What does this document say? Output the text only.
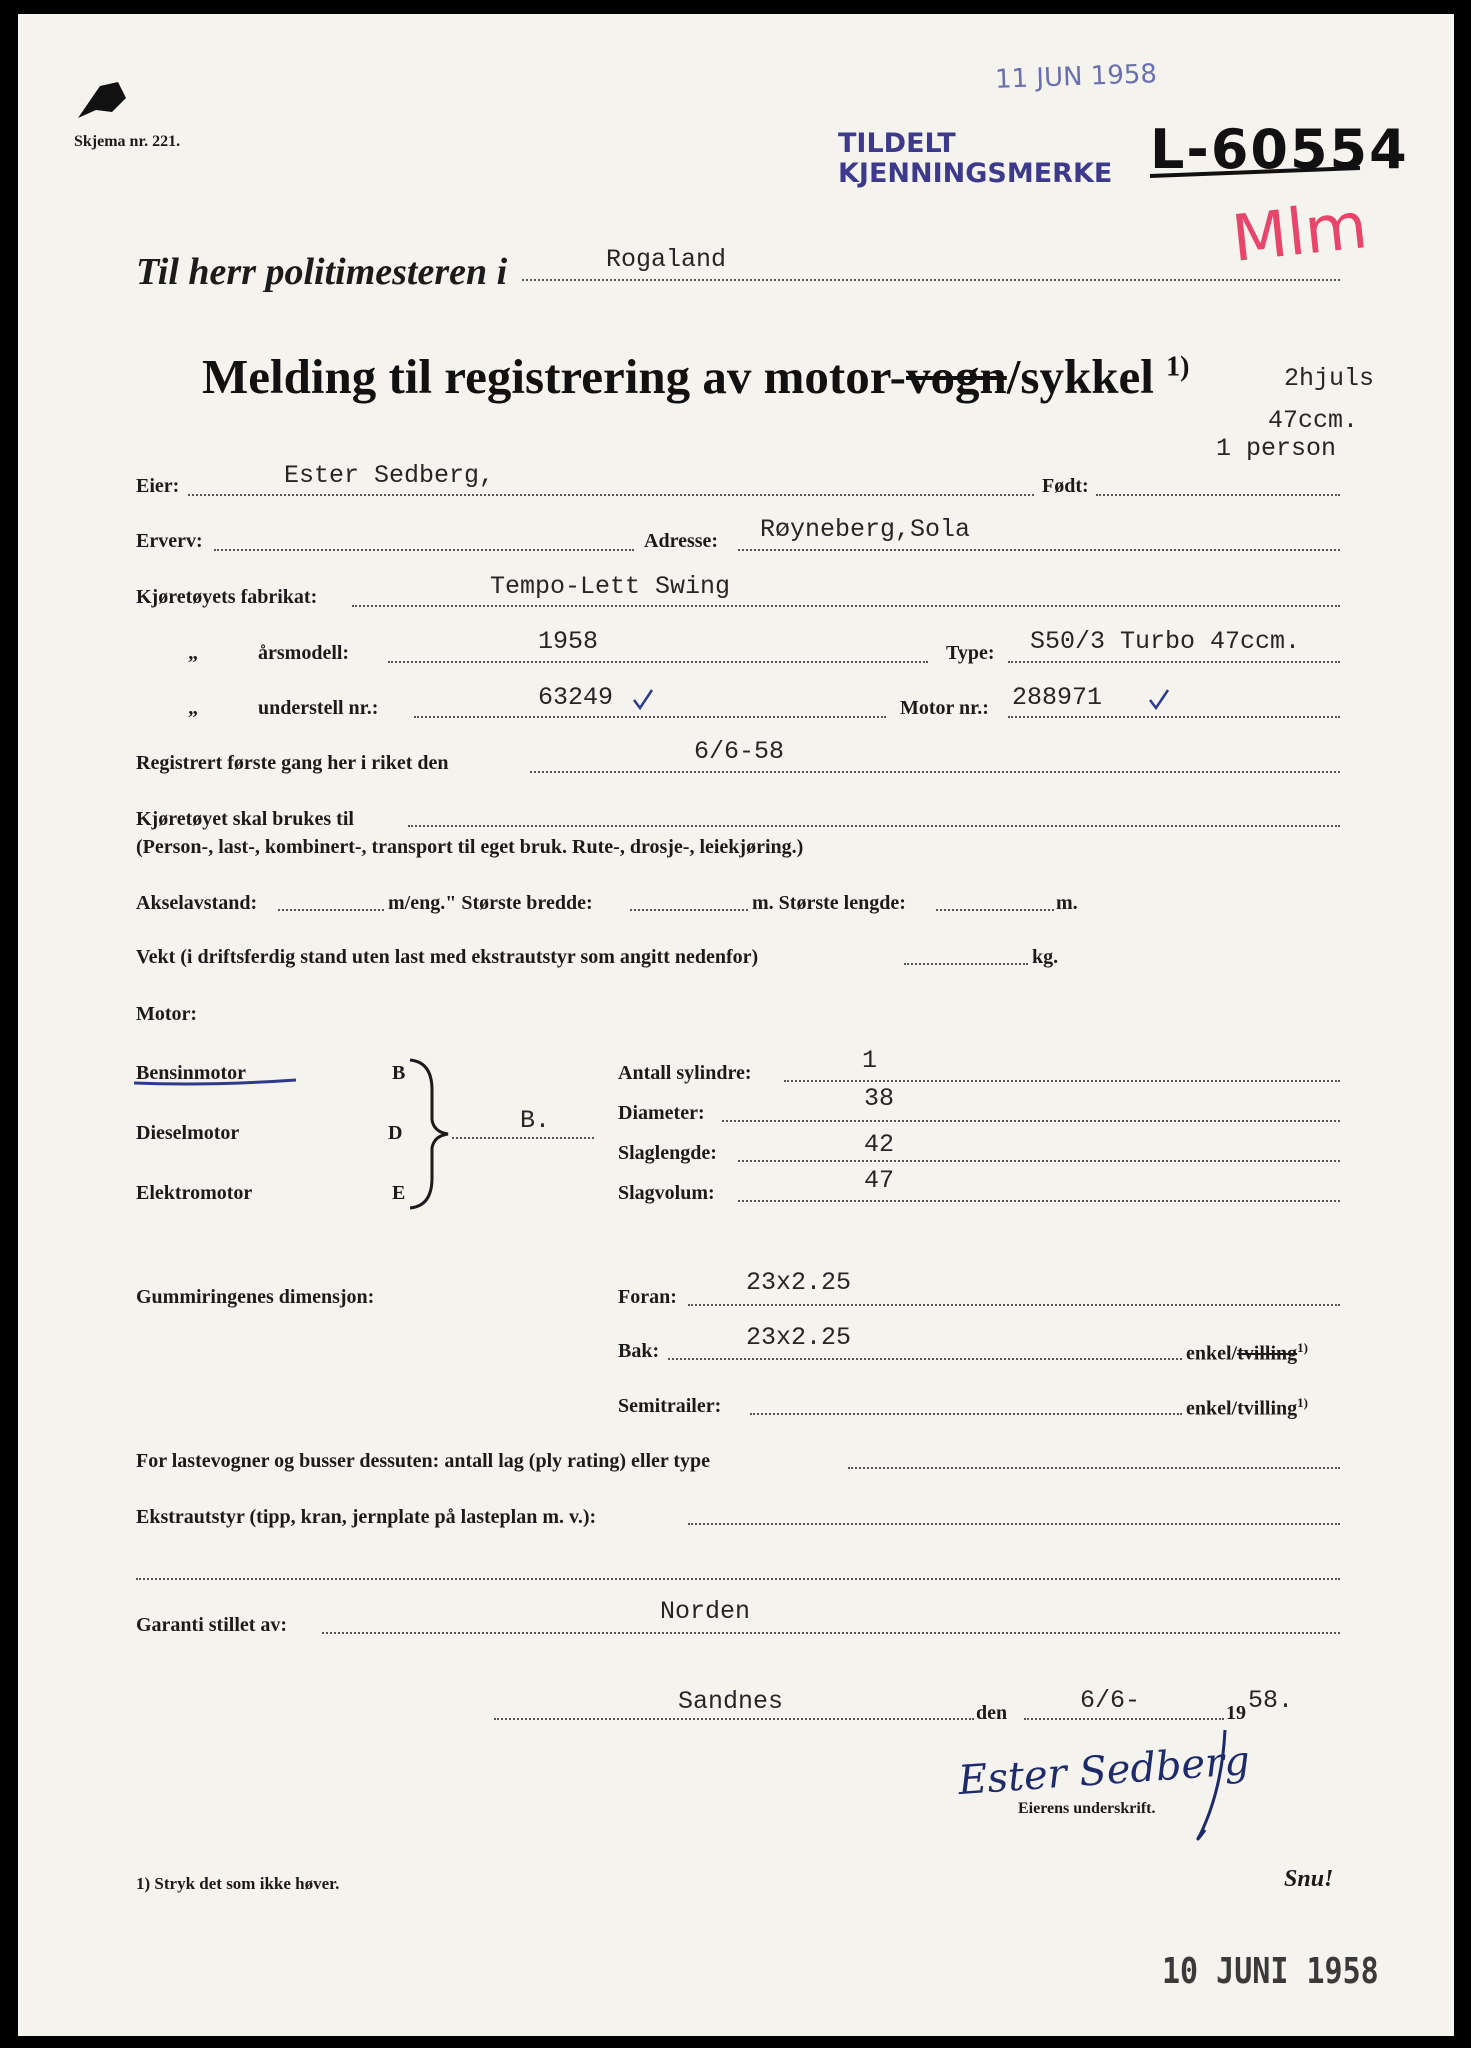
Skjema nr. 221.
11 JUN 1958
TILDELT
KJENNINGSMERKE L-60554
Mlm
Til herr politimesteren i	Rogaland
Melding til registrering av motor-vogn/sykkel $^{1)}$	2hjuls
47ccm.
1 person
Eier:	Ester Sedberg,	Født:
Erverv:	Adresse: Røyneberg,Sola
Kjøretøyets fabrikat:	Tempo-Lett Swing
„	årsmodell:	1958	Type: S50/3 Turbo 47ccm.
„	understell nr.:	63249	Motor nr.: 288971
Registrert første gang her i riket den	6/6-58
Kjøretøyet skal brukes til
(Person-, last-, kombinert-, transport til eget bruk. Rute-, drosje-, leiekjøring.)
Akselavstand:	m/eng." Største bredde:	m. Største lengde:	m.
Vekt (i driftsferdig stand uten last med ekstrautstyr som angitt nedenfor)	kg.
Motor:
Bensinmotor	B
Dieselmotor	D
Elektromotor	E
B.
Antall sylindre:	1
Diameter:	38
Slaglengde:	42
Slagvolum:	47
Gummiringenes dimensjon:	Foran:	23x2.25
Bak:	23x2.25
enkel/tvilling$^{1)}$
Semitrailer:	enkel/tvilling$^{1)}$
For lastevogner og busser dessuten: antall lag (ply rating) eller type
Ekstrautstyr (tipp, kran, jernplate på lasteplan m. v.):
Garanti stillet av:	Norden
Sandnes	den	6/6-	19 58.
Ester Sedberg
Eierens underskrift.
1) Stryk det som ikke høver.	Snu!
10 JUNI 1958
